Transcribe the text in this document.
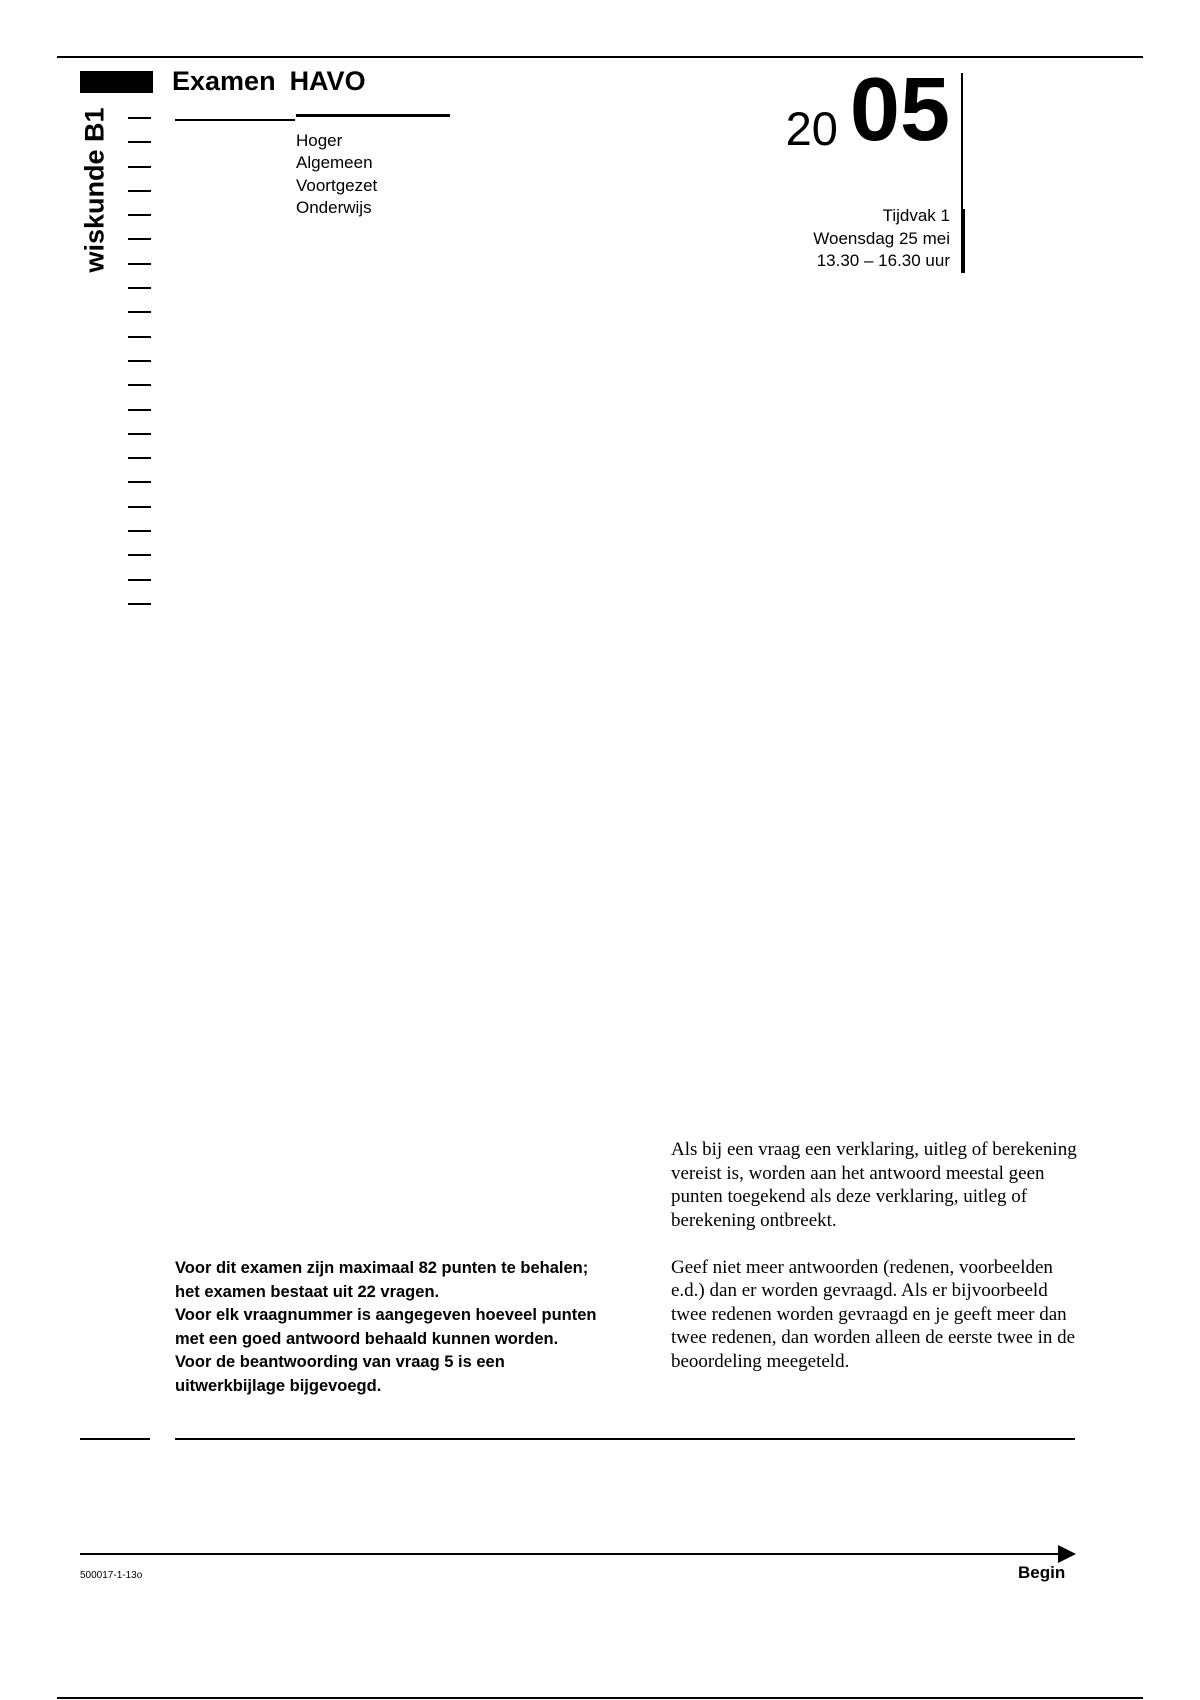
wiskunde B1
Examen HAVO
Hoger
Algemeen
Voortgezet
Onderwijs
20 05
Tijdvak 1
Woensdag 25 mei
13.30 – 16.30 uur
Voor dit examen zijn maximaal 82 punten te behalen; het examen bestaat uit 22 vragen.
Voor elk vraagnummer is aangegeven hoeveel punten met een goed antwoord behaald kunnen worden.
Voor de beantwoording van vraag 5 is een uitwerkbijlage bijgevoegd.

Als bij een vraag een verklaring, uitleg of berekening vereist is, worden aan het antwoord meestal geen punten toegekend als deze verklaring, uitleg of berekening ontbreekt.

Geef niet meer antwoorden (redenen, voorbeelden e.d.) dan er worden gevraagd. Als er bijvoorbeeld twee redenen worden gevraagd en je geeft meer dan twee redenen, dan worden alleen de eerste twee in de beoordeling meegeteld.

Begin
500017-1-13o
